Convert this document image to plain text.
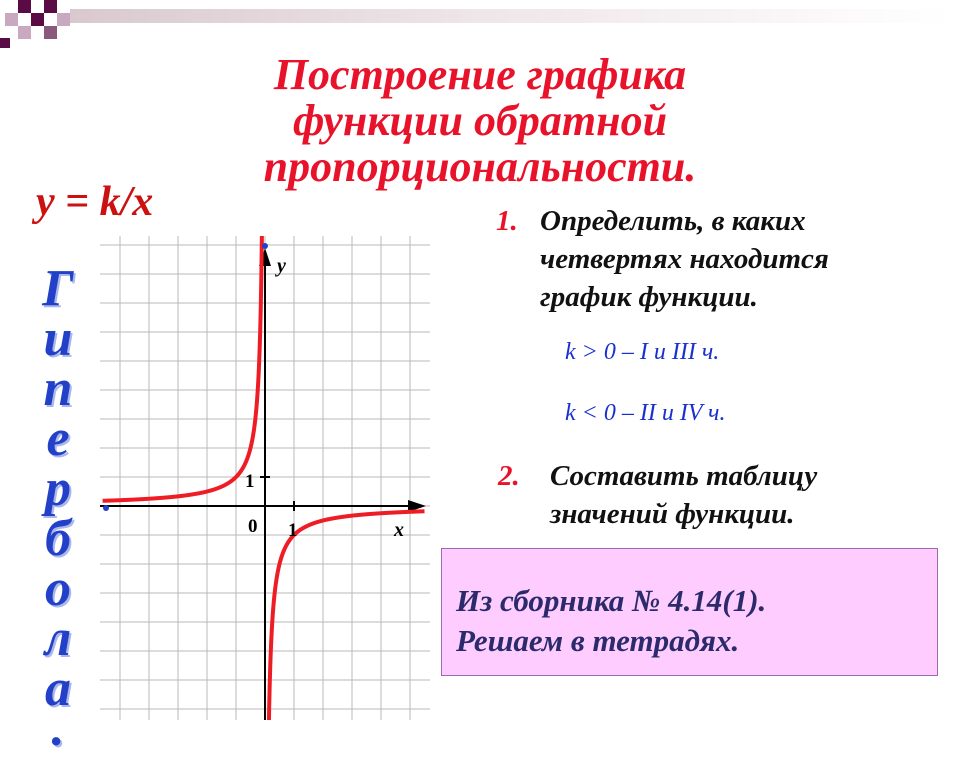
Построение графика
функции обратной
пропорциональности.
y = k/x
Г
и
п
е
р
б
о
л
а
.
y
x
0
1
1
1. Определить, в каких
четвертях находится
график функции.
k > 0 – I и III ч.
k < 0 – II и IV ч.
2.	Составить таблицу
значений функции.
Из сборника № 4.14(1).
Решаем в тетрадях.
